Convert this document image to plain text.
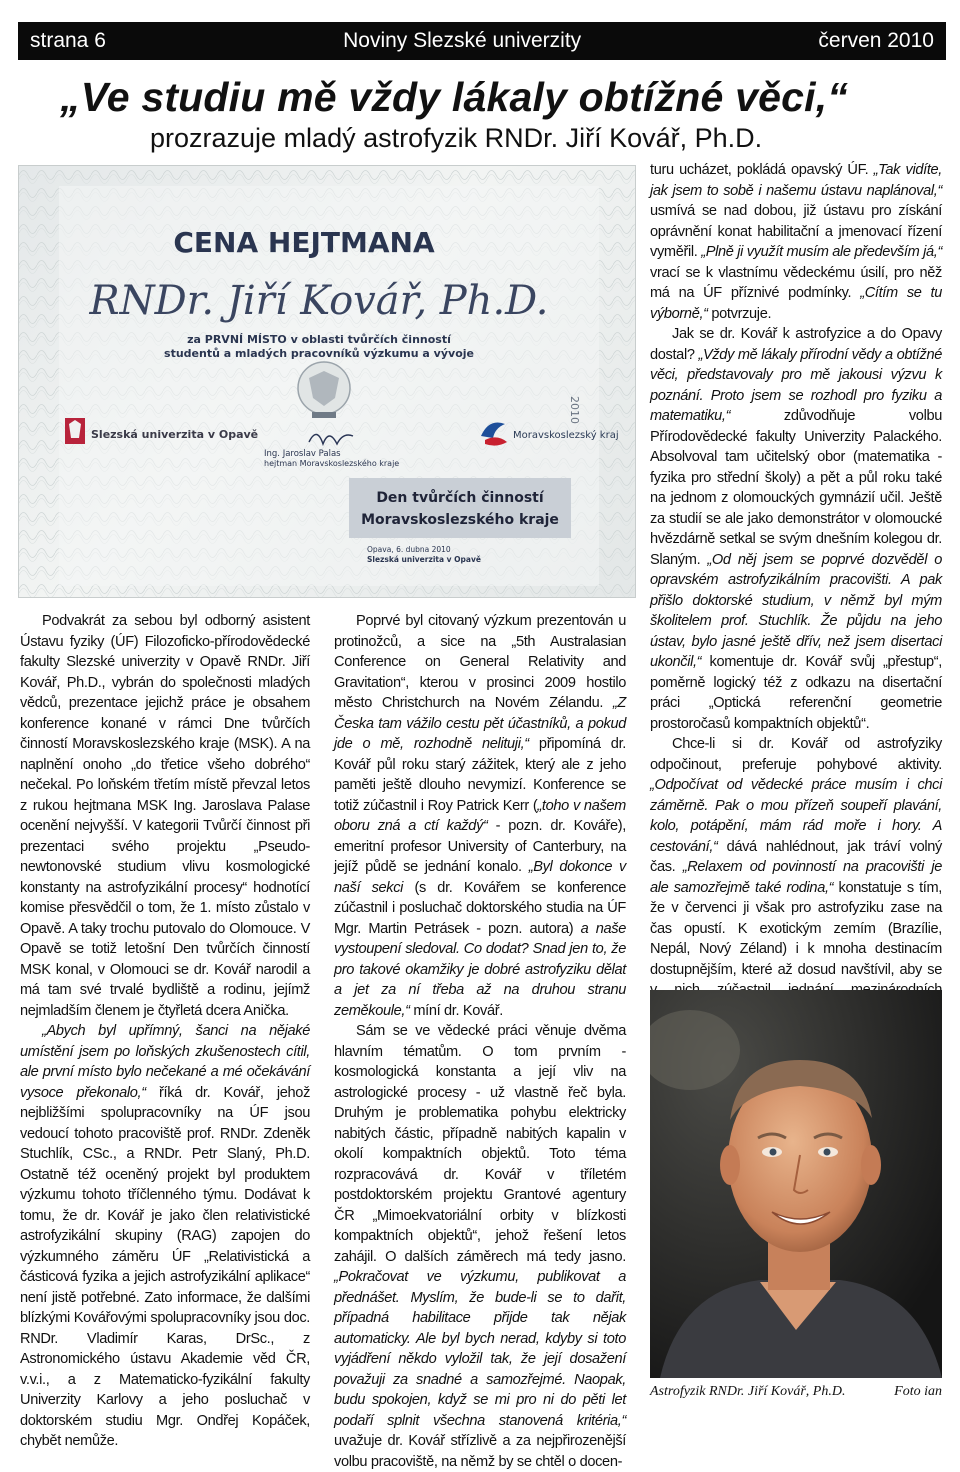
strana 6	Noviny Slezské univerzity	červen 2010
„Ve studiu mě vždy lákaly obtížné věci,“
prozrazuje mladý astrofyzik RNDr. Jiří Kovář, Ph.D.
CENA HEJTMANA
RNDr. Jiří Kovář, Ph.D.
za PRVNÍ MÍSTO v oblasti tvůrčích činností
studentů a mladých pracovníků výzkumu a vývoje
Slezská univerzita v Opavě	Moravskoslezský kraj
Ing. Jaroslav Palas
hejtman Moravskoslezského kraje
Den tvůrčích činností
Moravskoslezského kraje
Opava, 6. dubna 2010
Slezská univerzita v Opavě
2010

Podvakrát za sebou byl odborný asistent Ústavu fyziky (ÚF) Filozoficko-přírodovědecké fakulty Slezské univerzity v Opavě RNDr. Jiří Kovář, Ph.D., vybrán do společnosti mladých vědců, prezentace jejichž práce je obsahem konference konané v rámci Dne tvůrčích činností Moravskoslezského kraje (MSK). A na naplnění onoho „do třetice všeho dobrého“ nečekal. Po loňském třetím místě převzal letos z rukou hejtmana MSK Ing. Jaroslava Palase ocenění nejvyšší. V kategorii Tvůrčí činnost při prezentaci svého projektu „Pseudo-newtonovské studium vlivu kosmologické konstanty na astrofyzikální procesy“ hodnotící komise přesvědčil o tom, že 1. místo zůstalo v Opavě. A taky trochu putovalo do Olomouce. V Opavě se totiž letošní Den tvůrčích činností MSK konal, v Olomouci se dr. Kovář narodil a má tam své trvalé bydliště a rodinu, jejímž nejmladším členem je čtyřletá dcera Anička.

„Abych byl upřímný, šanci na nějaké umístění jsem po loňských zkušenostech cítil, ale první místo bylo nečekané a mé očekávání vysoce překonalo,“ říká dr. Kovář, jehož nejbližšími spolupracovníky na ÚF jsou vedoucí tohoto pracoviště prof. RNDr. Zdeněk Stuchlík, CSc., a RNDr. Petr Slaný, Ph.D. Ostatně též oceněný projekt byl produktem výzkumu tohoto tříčlenného týmu. Dodávat k tomu, že dr. Kovář je jako člen relativistické astrofyzikální skupiny (RAG) zapojen do výzkumného záměru ÚF „Relativistická a částicová fyzika a jejich astrofyzikální aplikace“ není jistě potřebné. Zato informace, že dalšími blízkými Kovářovými spolupracovníky jsou doc. RNDr. Vladimír Karas, DrSc., z Astronomického ústavu Akademie věd ČR, v.v.i., a z Matematicko-fyzikální fakulty Univerzity Karlovy a jeho posluchač v doktorském studiu Mgr. Ondřej Kopáček, chybět nemůže.

Poprvé byl citovaný výzkum prezentován u protinožců, a sice na „5th Australasian Conference on General Relativity and Gravitation“, kterou v prosinci 2009 hostilo město Christchurch na Novém Zélandu. „Z Česka tam vážilo cestu pět účastníků, a pokud jde o mě, rozhodně nelituji,“ připomíná dr. Kovář půl roku starý zážitek, který ale z jeho paměti ještě dlouho nevymizí. Konference se totiž zúčastnil i Roy Patrick Kerr („toho v našem oboru zná a ctí každý“ - pozn. dr. Kováře), emeritní profesor University of Canterbury, na jejíž půdě se jednání konalo. „Byl dokonce v naší sekci (s dr. Kovářem se konference zúčastnil i posluchač doktorského studia na ÚF Mgr. Martin Petrásek - pozn. autora) a naše vystoupení sledoval. Co dodat? Snad jen to, že pro takové okamžiky je dobré astrofyziku dělat a jet za ní třeba až na druhou stranu zeměkoule,“ míní dr. Kovář.

Sám se ve vědecké práci věnuje dvěma hlavním tématům. O tom prvním - kosmologická konstanta a její vliv na astrologické procesy - už vlastně řeč byla. Druhým je problematika pohybu elektricky nabitých částic, případně nabitých kapalin v okolí kompaktních objektů. Toto téma rozpracovává dr. Kovář v tříletém postdoktorském projektu Grantové agentury ČR „Mimoekvatoriální orbity v blízkosti kompaktních objektů“, jehož řešení letos zahájil. O dalších záměrech má tedy jasno. „Pokračovat ve výzkumu, publikovat a přednášet. Myslím, že bude-li se to dařit, případná habilitace přijde tak nějak automaticky. Ale byl bych nerad, kdyby si toto vyjádření někdo vyložil tak, že její dosažení považuji za snadné a samozřejmé. Naopak, budu spokojen, když se mi pro ni do pěti let podaří splnit všechna stanovená kritéria,“ uvažuje dr. Kovář střízlivě a za nejpřirozenější volbu pracoviště, na němž by se chtěl o docen-

turu ucházet, pokládá opavský ÚF. „Tak vidíte, jak jsem to sobě i našemu ústavu naplánoval,“ usmívá se nad dobou, již ústavu pro získání oprávnění konat habilitační a jmenovací řízení vyměřil. „Plně ji využít musím ale především já,“ vrací se k vlastnímu vědeckému úsilí, pro něž má na ÚF příznivé podmínky. „Cítím se tu výborně,“ potvrzuje.

Jak se dr. Kovář k astrofyzice a do Opavy dostal? „Vždy mě lákaly přírodní vědy a obtížné věci, představovaly pro mě jakousi výzvu k poznání. Proto jsem se rozhodl pro fyziku a matematiku,“ zdůvodňuje volbu Přírodovědecké fakulty Univerzity Palackého. Absolvoval tam učitelský obor (matematika - fyzika pro střední školy) a pět a půl roku také na jednom z olomouckých gymnázií učil. Ještě za studií se ale jako demonstrátor v olomoucké hvězdárně setkal se svým dnešním kolegou dr. Slaným. „Od něj jsem se poprvé dozvěděl o opravském astrofyzikálním pracovišti. A pak přišlo doktorské studium, v němž byl mým školitelem prof. Stuchlík. Že půjdu na jeho ústav, bylo jasné ještě dřív, než jsem disertaci ukončil,“ komentuje dr. Kovář svůj „přestup“, poměrně logický též z odkazu na disertační práci „Optická referenční geometrie prostoročasů kompaktních objektů“.

Chce-li si dr. Kovář od astrofyziky odpočinout, preferuje pohybové aktivity. „Odpočívat od vědecké práce musím i chci záměrně. Pak o mou přízeň soupeří plavání, kolo, potápění, mám rád moře i hory. A cestování,“ dává nahlédnout, jak tráví volný čas. „Relaxem od povinností na pracovišti je ale samozřejmě také rodina,“ konstatuje s tím, že v červenci ji však pro astrofyziku zase na čas opustí. K exotickým zemím (Brazílie, Nepál, Nový Zéland) i k mnoha destinacím dostupnějším, které až dosud navštívil, aby se

Astrofyzik RNDr. Jiří Kovář, Ph.D.	Foto ian
